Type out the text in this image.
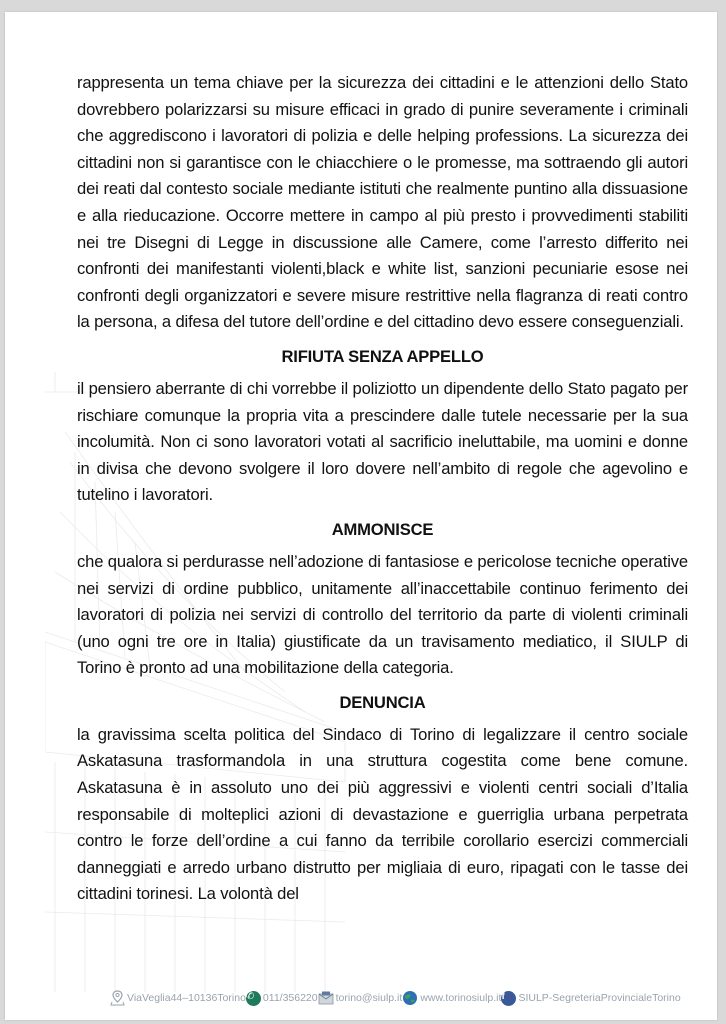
rappresenta un tema chiave per la sicurezza dei cittadini e le attenzioni dello Stato dovrebbero polarizzarsi su misure efficaci in grado di punire severamente i criminali che aggrediscono i lavoratori di polizia e delle helping professions. La sicurezza dei cittadini non si garantisce con le chiacchiere o le promesse, ma sottraendo gli autori dei reati dal contesto sociale mediante istituti che realmente puntino alla dissuasione e alla rieducazione. Occorre mettere in campo al più presto i provvedimenti stabiliti nei tre Disegni di Legge in discussione alle Camere, come l’arresto differito nei confronti dei manifestanti violenti,black e white list, sanzioni pecuniarie esose nei confronti degli organizzatori e severe misure restrittive nella flagranza di reati contro la persona, a difesa del tutore dell’ordine e del cittadino devo essere conseguenziali.

RIFIUTA SENZA APPELLO

il pensiero aberrante di chi vorrebbe il poliziotto un dipendente dello Stato pagato per rischiare comunque la propria vita a prescindere dalle tutele necessarie per la sua incolumità. Non ci sono lavoratori votati al sacrificio ineluttabile, ma uomini e donne in divisa che devono svolgere il loro dovere nell’ambito di regole che agevolino e tutelino i lavoratori.

AMMONISCE

che qualora si perdurasse nell’adozione di fantasiose e pericolose tecniche operative nei servizi di ordine pubblico, unitamente all’inaccettabile continuo ferimento dei lavoratori di polizia nei servizi di controllo del territorio da parte di violenti criminali (uno ogni tre ore in Italia) giustificate da un travisamento mediatico, il SIULP di Torino è pronto ad una mobilitazione della categoria.

DENUNCIA

la gravissima scelta politica del Sindaco di Torino di legalizzare il centro sociale Askatasuna trasformandola in una struttura cogestita come bene comune. Askatasuna è in assoluto uno dei più aggressivi e violenti centri sociali d’Italia responsabile di molteplici azioni di devastazione e guerriglia urbana perpetrata contro le forze dell’ordine a cui fanno da terribile corollario esercizi commerciali danneggiati e arredo urbano distrutto per migliaia di euro, ripagati con le tasse dei cittadini torinesi. La volontà del

ViaVeglia44–10136Torino ✆ 011/356220 torino@siulp.it www.torinosiulp.it f	SIULP-SegreteriaProvincialeTorino
